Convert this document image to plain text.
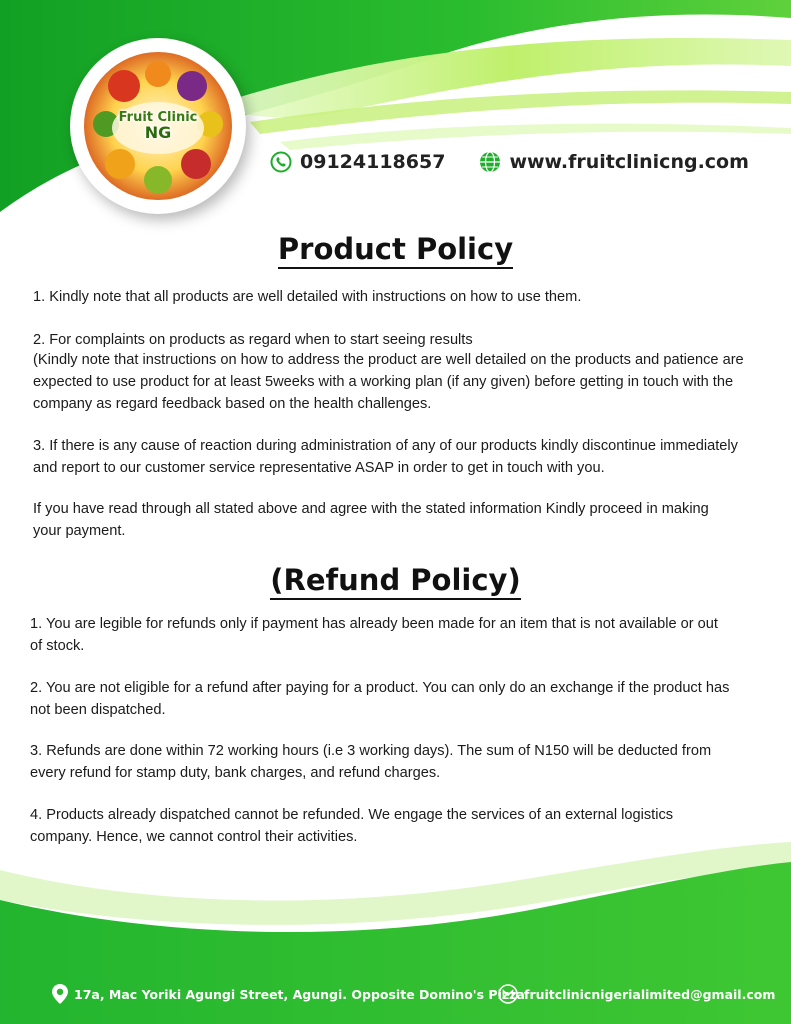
Fruit Clinic
NG
09124118657	www.fruitclinicng.com
Product Policy

1. Kindly note that all products are well detailed with instructions on how to use them.

2. For complaints on products as regard when to start seeing results

(Kindly note that instructions on how to address the product are well detailed on the products and patience are expected to use product for at least 5weeks with a working plan (if any given) before getting in touch with the company as regard feedback based on the health challenges.

3. If there is any cause of reaction during administration of any of our products kindly discontinue immediately and report to our customer service representative ASAP in order to get in touch with you.

If you have read through all stated above and agree with the stated information Kindly proceed in making your payment.

(Refund Policy)

1. You are legible for refunds only if payment has already been made for an item that is not available or out of stock.

2. You are not eligible for a refund after paying for a product. You can only do an exchange if the product has not been dispatched.

3. Refunds are done within 72 working hours (i.e 3 working days). The sum of N150 will be deducted from every refund for stamp duty, bank charges, and refund charges.

4. Products already dispatched cannot be refunded. We engage the services of an external logistics company. Hence, we cannot control their activities.

17a, Mac Yoriki Agungi Street, Agungi. Opposite Domino's Pizza fruitclinicnigerialimited@gmail.com
